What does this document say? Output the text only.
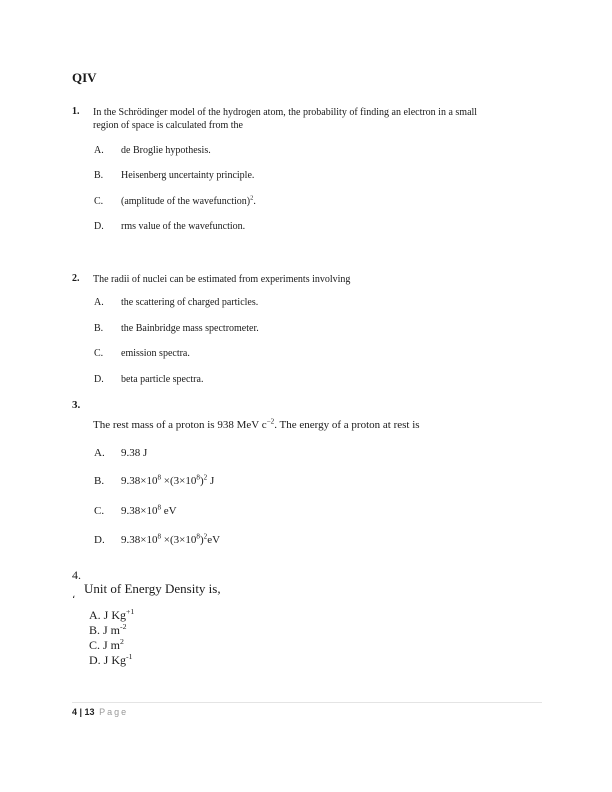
QIV
1. In the Schrödinger model of the hydrogen atom, the probability of finding an electron in a small
region of space is calculated from the
A. de Broglie hypothesis.
B. Heisenberg uncertainty principle.
C. (amplitude of the wavefunction)$^2$.
D. rms value of the wavefunction.
2. The radii of nuclei can be estimated from experiments involving
A. the scattering of charged particles.
B. the Bainbridge mass spectrometer.
C. emission spectra.
D. beta particle spectra.
3.
The rest mass of a proton is 938 MeV $c^{-2}$. The energy of a proton at rest is
A. 9.38 J
B. $9.38\times 10^8 \times(3\times 10^8)^2$ J
C. $9.38\times 10^8$ eV
D. $9.38\times 10^8 \times(3\times 10^8)^2eV$
4.
، Unit of Energy Density is,
A. J $Kg^{+1}$
B. J $m^{-2}$
C. J $m^2$
D. J $Kg^{-1}$
4 | 13 Page
